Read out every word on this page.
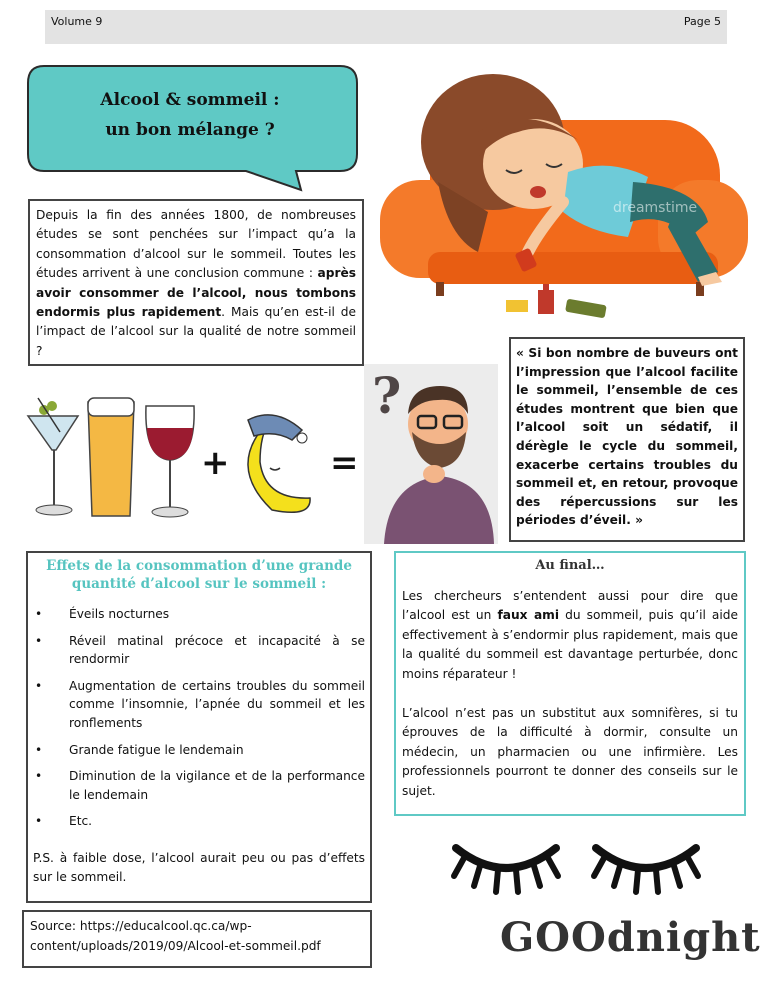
Volume 9	Page 5
Alcool & sommeil :
un bon mélange ?
Depuis la fin des années 1800, de nombreuses études se sont penchées sur l’impact qu’a la consommation d’alcool sur le sommeil. Toutes les études arrivent à une conclusion commune : après avoir consommer de l’alcool, nous tombons endormis plus rapidement. Mais qu’en est-il de l’impact de l’alcool sur la qualité de notre sommeil ?
dreamstime
+	=
?
« Si bon nombre de buveurs ont l’impression que l’alcool facilite le sommeil, l’ensemble de ces études montrent que bien que l’alcool soit un sédatif, il dérègle le cycle du sommeil, exacerbe certains troubles du sommeil et, en retour, provoque des répercussions sur les périodes d’éveil. »
Effets de la consommation d’une grande quantité d’alcool sur le sommeil :
• Éveils nocturnes
• Réveil matinal précoce et incapacité à se rendormir
• Augmentation de certains troubles du sommeil comme l’insomnie, l’apnée du sommeil et les ronflements
• Grande fatigue le lendemain
• Diminution de la vigilance et de la performance le lendemain
• Etc.
P.S. à faible dose, l’alcool aurait peu ou pas d’effets sur le sommeil.
Au final…
Les chercheurs s’entendent aussi pour dire que l’alcool est un faux ami du sommeil, puis qu’il aide effectivement à s’endormir plus rapidement, mais que la qualité du sommeil est davantage perturbée, donc moins réparateur !
L’alcool n’est pas un substitut aux somnifères, si tu éprouves de la difficulté à dormir, consulte un médecin, un pharmacien ou une infirmière. Les professionnels pourront te donner des conseils sur le sujet.
Source: https://educalcool.qc.ca/wp-content/uploads/2019/09/Alcool-et-sommeil.pdf	GOOdnight
